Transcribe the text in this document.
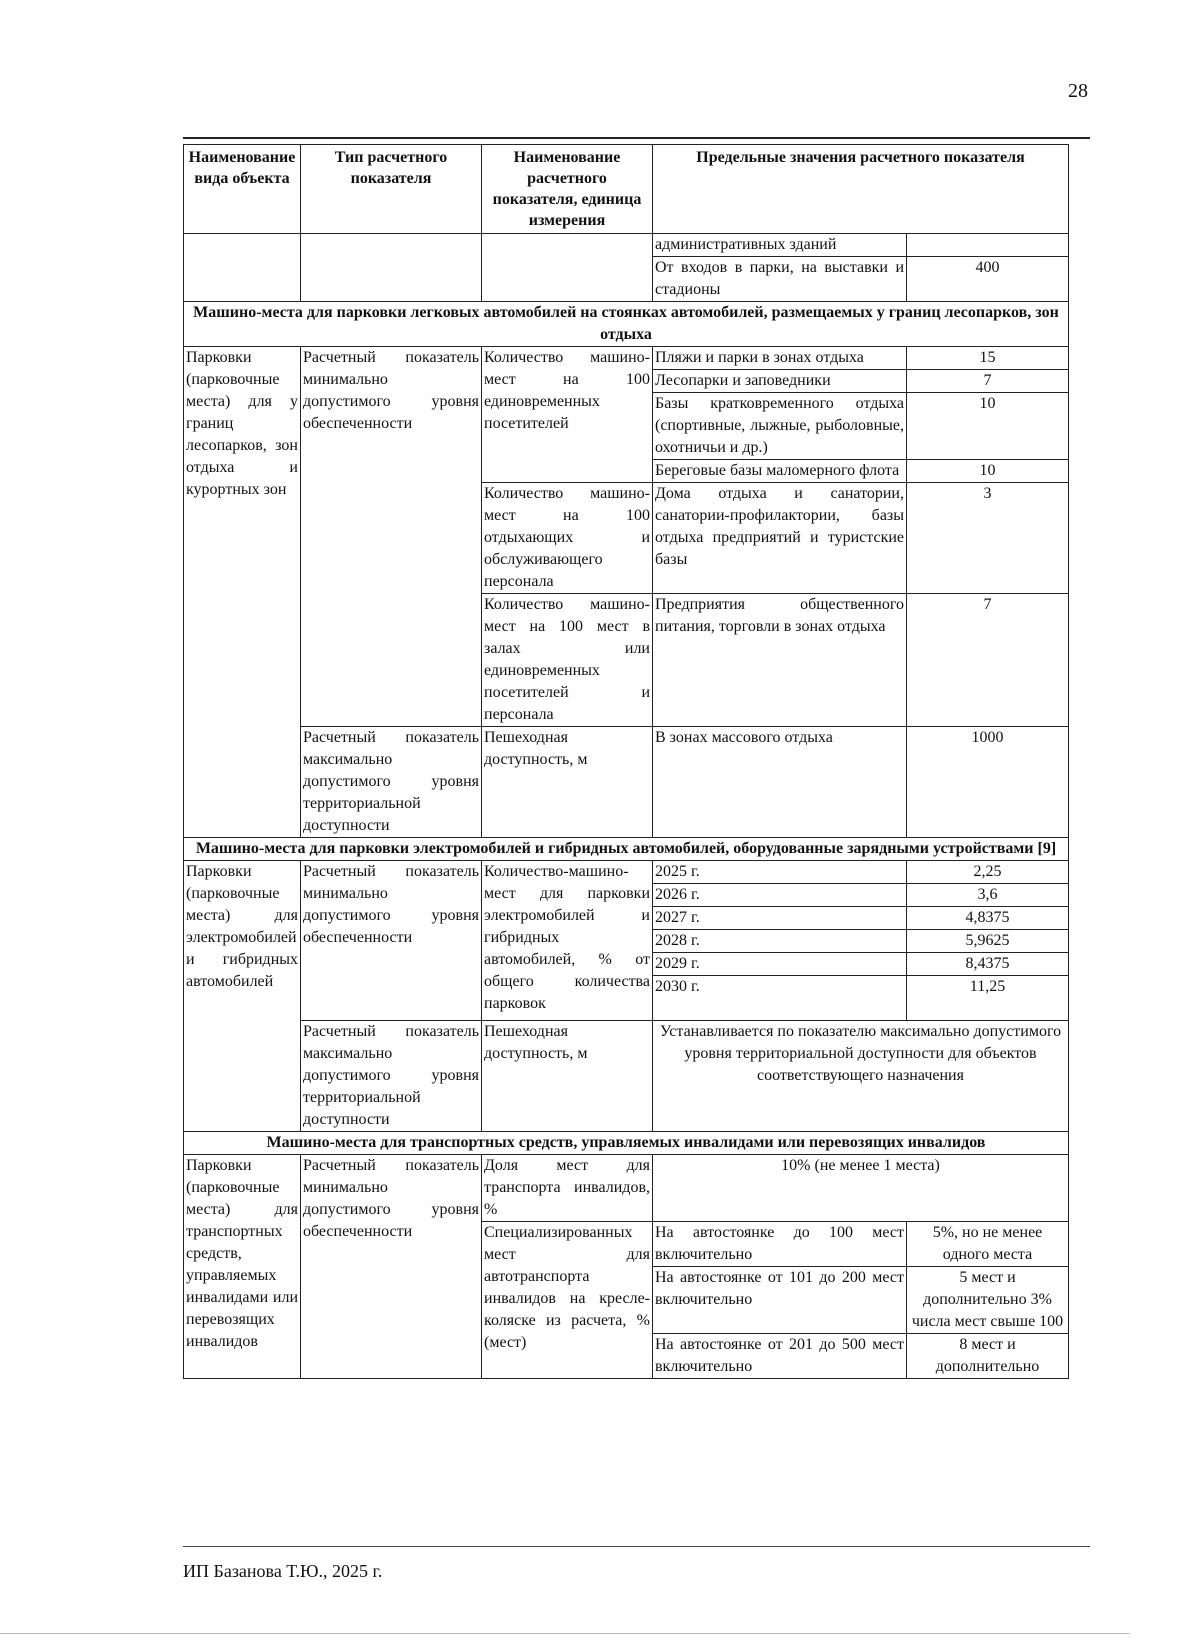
28
Наименование вида объекта	Тип расчетного показателя	Наименование расчетного показателя, единица измерения	Предельные значения расчетного показателя	
			административных зданий	
			От входов в парки, на выставки и стадионы	400
Машино-места для парковки легковых автомобилей на стоянках автомобилей, размещаемых у границ лесопарков, зон отдыха				
Парковки (парковочные места) для у границ лесопарков, зон отдыха и курортных зон	Расчетный показатель минимально допустимого уровня обеспеченности	Количество машино-мест на 100 единовременных посетителей	Пляжи и парки в зонах отдыха	15
			Лесопарки и заповедники	7
			Базы кратковременного отдыха (спортивные, лыжные, рыболовные, охотничьи и др.)	10
			Береговые базы маломерного флота	10
		Количество машино-мест на 100 отдыхающих и обслуживающего персонала	Дома отдыха и санатории, санатории-профилактории, базы отдыха предприятий и туристские базы	3
		Количество машино-мест на 100 мест в залах или единовременных посетителей и персонала	Предприятия общественного питания, торговли в зонах отдыха	7
	Расчетный показатель максимально допустимого уровня территориальной доступности	Пешеходная доступность, м	В зонах массового отдыха	1000
Машино-места для парковки электромобилей и гибридных автомобилей, оборудованные зарядными устройствами [9]				
Парковки (парковочные места) для электромобилей и гибридных автомобилей	Расчетный показатель минимально допустимого уровня обеспеченности	Количество-машино-мест для парковки электромобилей и гибридных автомобилей, % от общего количества парковок	2025 г.	2,25
			2026 г.	3,6
			2027 г.	4,8375
			2028 г.	5,9625
			2029 г.	8,4375
			2030 г.	11,25
	Расчетный показатель максимально допустимого уровня территориальной доступности	Пешеходная доступность, м	Устанавливается по показателю максимально допустимого уровня территориальной доступности для объектов соответствующего назначения	
Машино-места для транспортных средств, управляемых инвалидами или перевозящих инвалидов				
Парковки (парковочные места) для транспортных средств, управляемых инвалидами или перевозящих инвалидов	Расчетный показатель минимально допустимого уровня обеспеченности	Доля мест для транспорта инвалидов, %	10% (не менее 1 места)	
		Специализированных мест для автотранспорта инвалидов на кресле-коляске из расчета, % (мест)	На автостоянке до 100 мест включительно	5%, но не менее одного места
			На автостоянке от 101 до 200 мест включительно	5 мест и дополнительно 3% числа мест свыше 100
			На автостоянке от 201 до 500 мест включительно	8 мест и дополнительно
ИП Базанова Т.Ю., 2025 г.
